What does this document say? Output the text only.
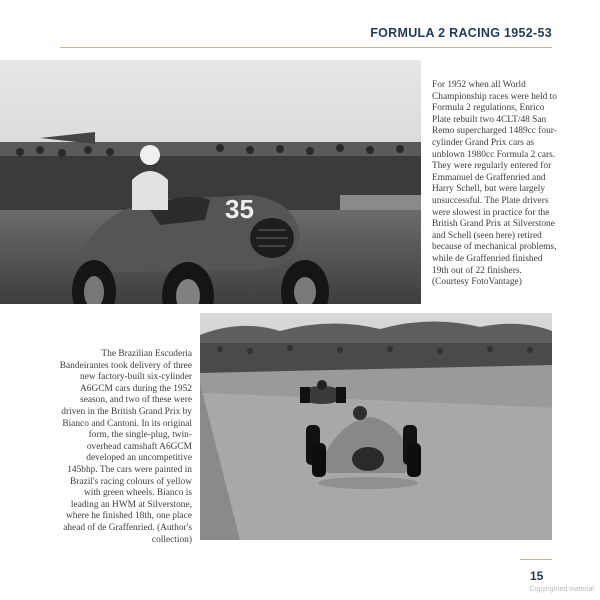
FORMULA 2 RACING 1952-53
35
For 1952 when all World Championship races were held to Formula 2 regulations, Enrico Plate rebuilt two 4CLT/48 San Remo supercharged 1489cc four-cylinder Grand Prix cars as unblown 1980cc Formula 2 cars. They were regularly entered for Emmanuel de Graffenried and Harry Schell, but were largely unsuccessful. The Plate drivers were slowest in practice for the British Grand Prix at Silverstone and Schell (seen here) retired because of mechanical problems, while de Graffenried finished 19th out of 22 finishers. (Courtesy FotoVantage)
The Brazilian Escuderia Bandeirantes took delivery of three new factory-built six-cylinder A6GCM cars during the 1952 season, and two of these were driven in the British Grand Prix by Bianco and Cantoni. In its original form, the single-plug, twin-overhead camshaft A6GCM developed an uncompetitive 145bhp. The cars were painted in Brazil's racing colours of yellow with green wheels. Bianco is leading an HWM at Silverstone, where he finished 18th, one place ahead of de Graffenried. (Author's collection)
15
Copyrighted material
